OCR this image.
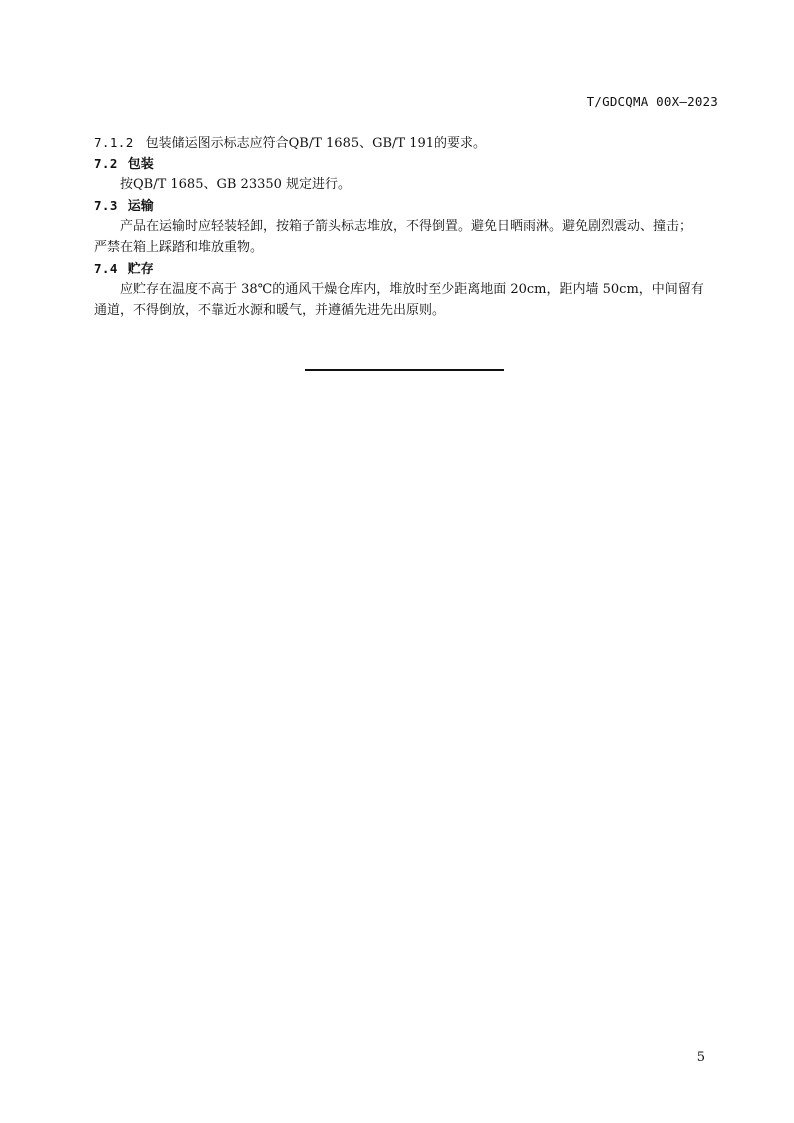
T/GDCQMA 00X—2023
7.1.2 包装储运图示标志应符合QB/T 1685、GB/T 191的要求。
7.2 包装
按QB/T 1685、GB 23350 规定进行。
7.3 运输
产品在运输时应轻装轻卸，按箱子箭头标志堆放，不得倒置。避免日晒雨淋。避免剧烈震动、撞击；
严禁在箱上踩踏和堆放重物。
7.4 贮存
应贮存在温度不高于 38℃的通风干燥仓库内，堆放时至少距离地面 20cm，距内墙 50cm，中间留有
通道，不得倒放，不靠近水源和暖气，并遵循先进先出原则。
5
